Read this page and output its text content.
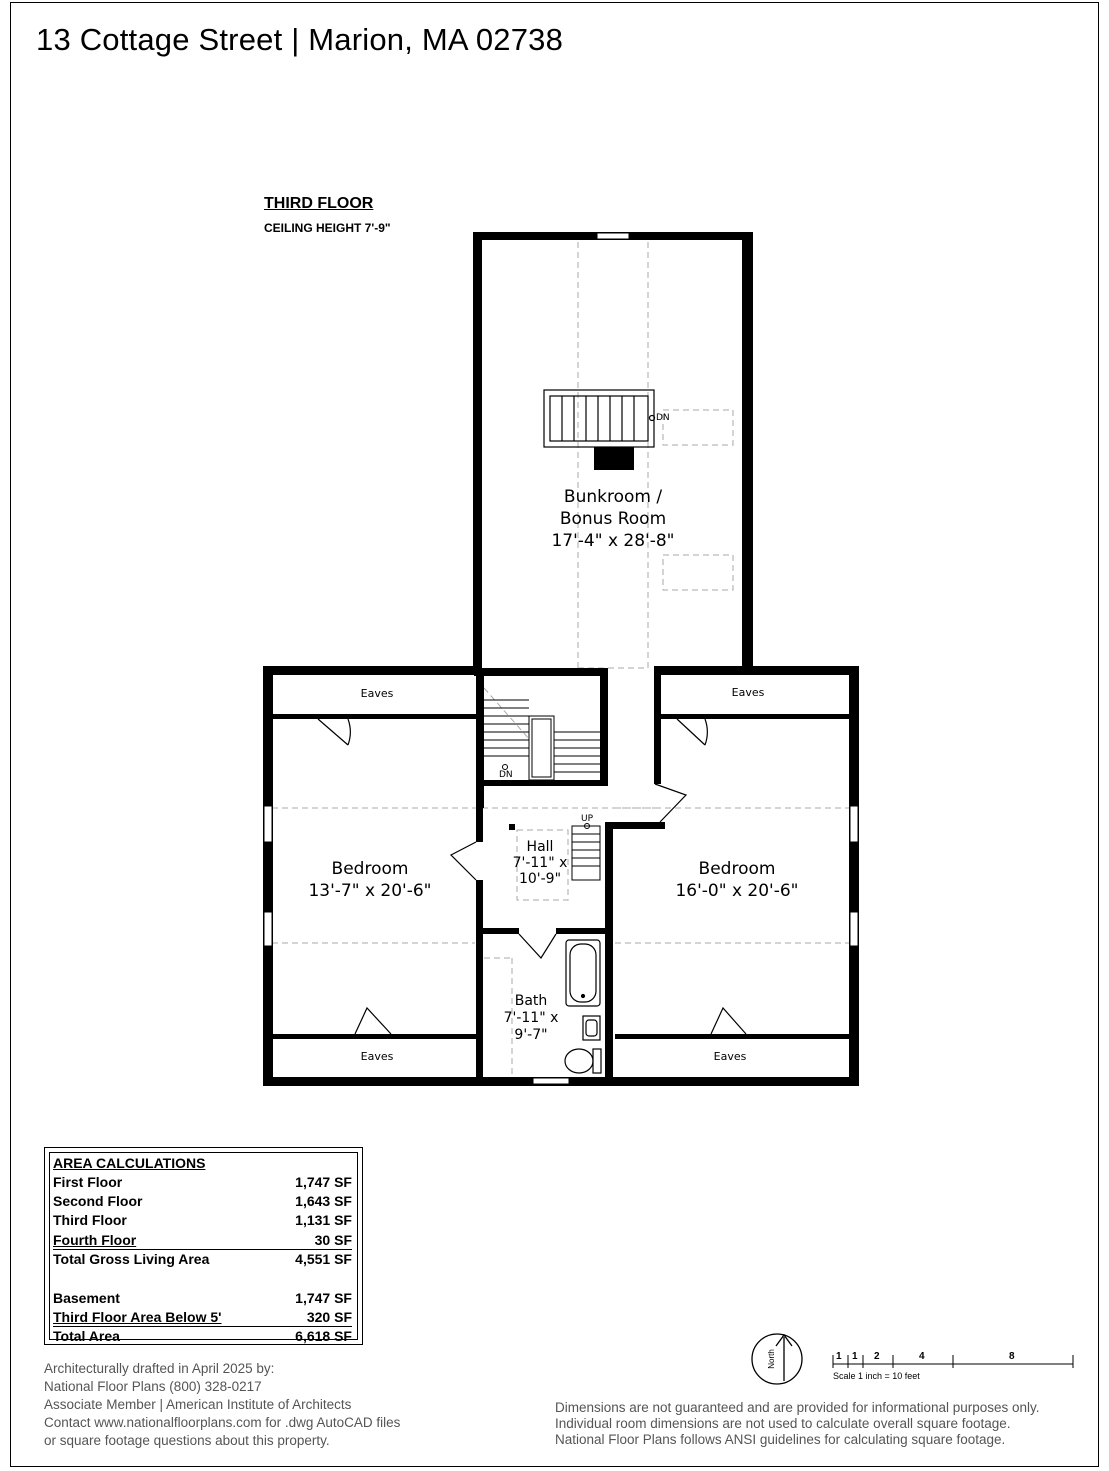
13 Cottage Street | Marion, MA 02738
THIRD FLOOR
CEILING HEIGHT 7'-9"
Bunkroom /
Bonus Room
17'-4" x 28'-8"
Bedroom
13'-7" x 20'-6"
Bedroom
16'-0" x 20'-6"
Hall
7'-11" x
10'-9"
Bath
7'-11" x
9'-7"
Eaves	Eaves
Eaves	Eaves
DN
DN
UP
AREA CALCULATIONS
First Floor	1,747 SF
Second Floor	1,643 SF
Third Floor	1,131 SF
Fourth Floor	30 SF
Total Gross Living Area	4,551 SF
Basement	1,747 SF
Third Floor Area Below 5'	320 SF
Total Area	6,618 SF
Architecturally drafted in April 2025 by:
National Floor Plans (800) 328-0217
Associate Member | American Institute of Architects
Contact www.nationalfloorplans.com for .dwg AutoCAD files
or square footage questions about this property.
Dimensions are not guaranteed and are provided for informational purposes only.
Individual room dimensions are not used to calculate overall square footage.
National Floor Plans follows ANSI guidelines for calculating square footage.
North	1 1 2	4	8
Scale 1 inch = 10 feet
